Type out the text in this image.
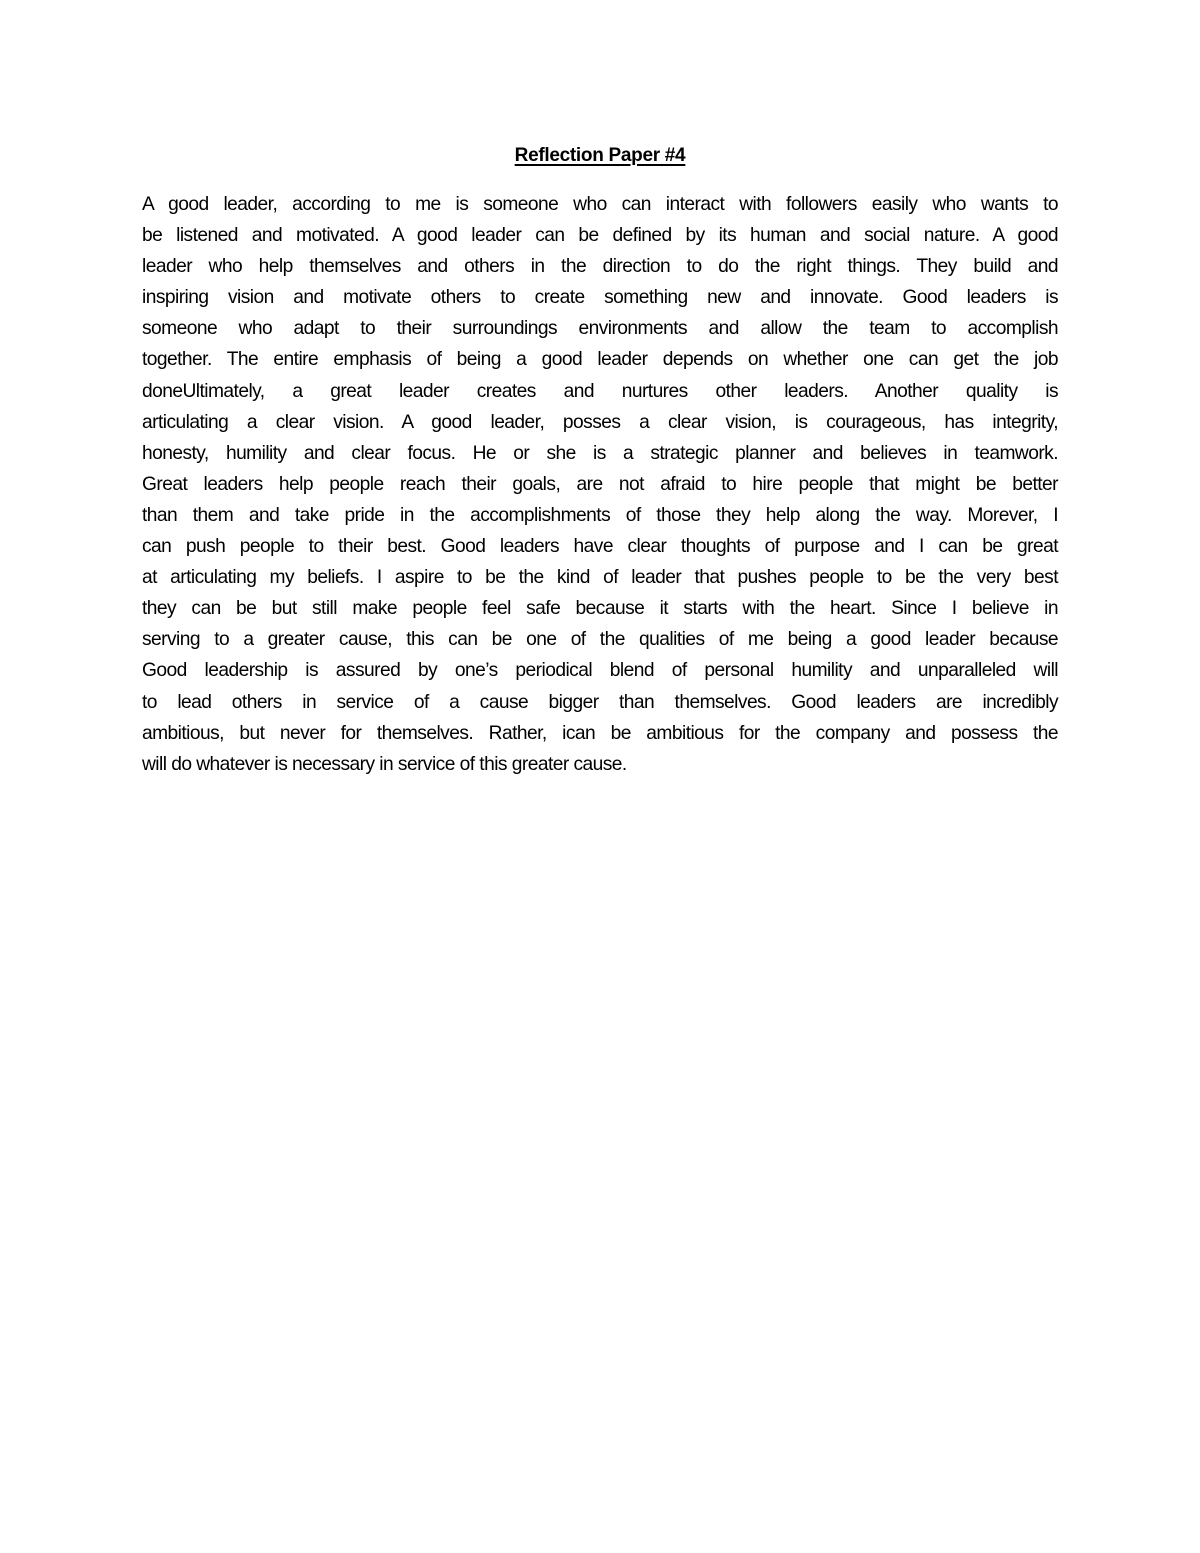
Reflection Paper #4
A good leader, according to me is someone who can interact with followers easily who wants to
be listened and motivated. A good leader can be defined by its human and social nature. A good
leader who help themselves and others in the direction to do the right things. They build and
inspiring vision and motivate others to create something new and innovate. Good leaders is
someone who adapt to their surroundings environments and allow the team to accomplish
together. The entire emphasis of being a good leader depends on whether one can get the job
doneUltimately, a great leader creates and nurtures other leaders. Another quality is
articulating a clear vision. A good leader, posses a clear vision, is courageous, has integrity,
honesty, humility and clear focus. He or she is a strategic planner and believes in teamwork.
Great leaders help people reach their goals, are not afraid to hire people that might be better
than them and take pride in the accomplishments of those they help along the way. Morever, I
can push people to their best. Good leaders have clear thoughts of purpose and I can be great
at articulating my beliefs. I aspire to be the kind of leader that pushes people to be the very best
they can be but still make people feel safe because it starts with the heart. Since I believe in
serving to a greater cause, this can be one of the qualities of me being a good leader because
Good leadership is assured by one’s periodical blend of personal humility and unparalleled will
to lead others in service of a cause bigger than themselves. Good leaders are incredibly
ambitious, but never for themselves. Rather, ican be ambitious for the company and possess the
will do whatever is necessary in service of this greater cause.
